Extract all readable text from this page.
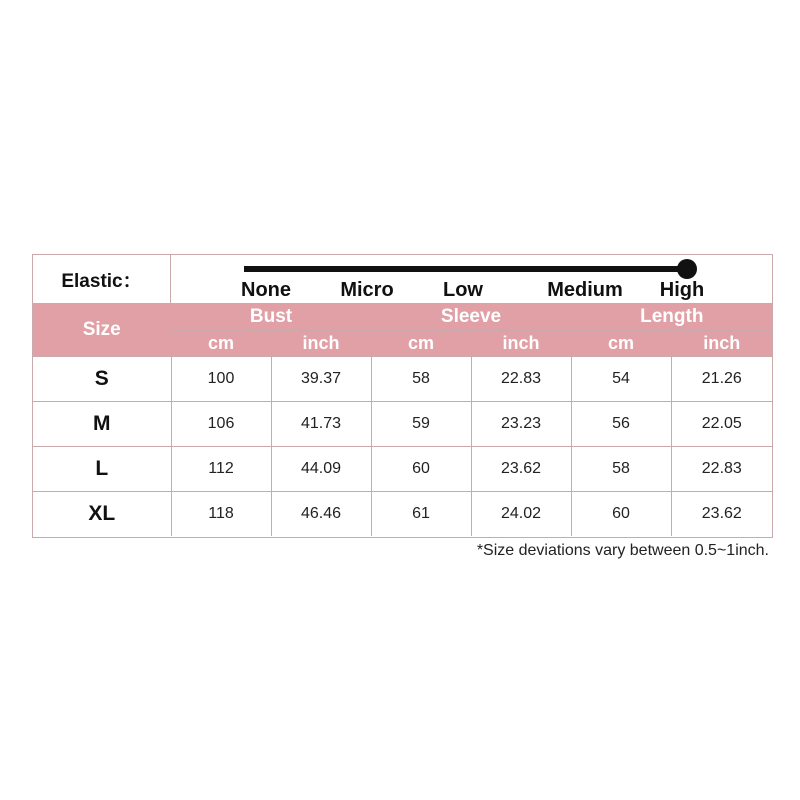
Elastic：	None Micro Low	Medium High
Size	Bust		Sleeve		Length	
	cm	inch	cm	inch	cm	inch
S	100	39.37	58	22.83	54	21.26
M	106	41.73	59	23.23	56	22.05
L	112	44.09	60	23.62	58	22.83
XL	118	46.46	61	24.02	60	23.62
*Size deviations vary between 0.5~1inch.
